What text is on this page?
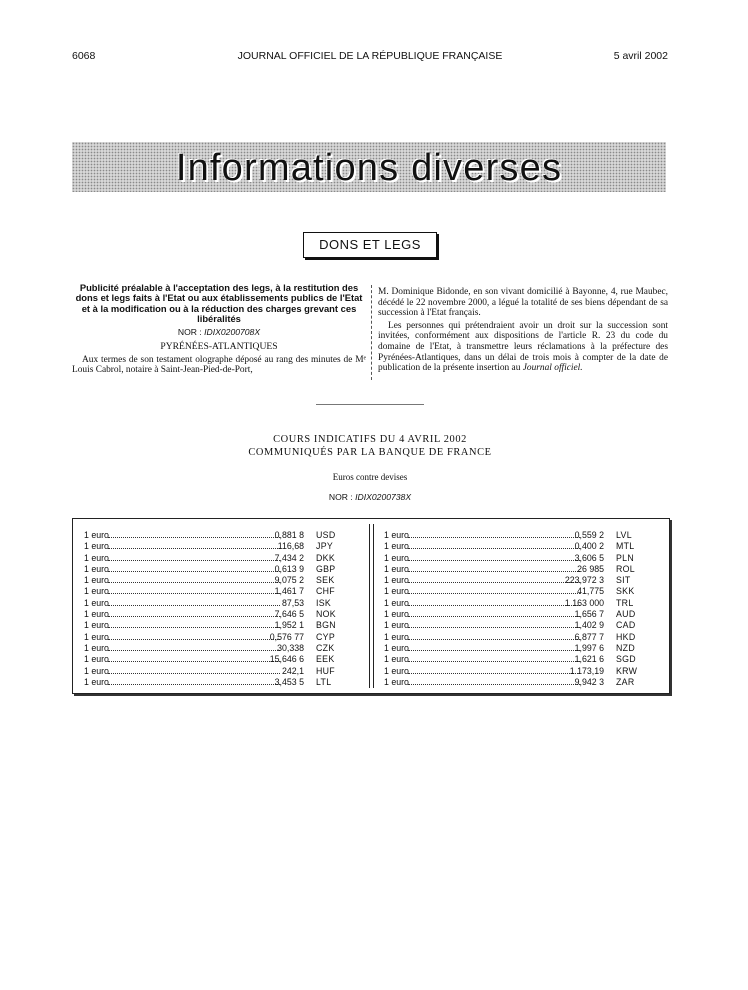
6068	JOURNAL OFFICIEL DE LA RÉPUBLIQUE FRANÇAISE	5 avril 2002
Informations diverses
DONS ET LEGS
Publicité préalable à l'acceptation des legs, à la restitution des dons et legs faits à l'Etat ou aux établissements publics de l'Etat et à la modification ou à la réduction des charges grevant ces libéralités
NOR : IDIX0200708X
PYRÉNÉES-ATLANTIQUES

Aux termes de son testament olographe déposé au rang des minutes de Mᵉ Louis Cabrol, notaire à Saint-Jean-Pied-de-Port,

M. Dominique Bidonde, en son vivant domicilié à Bayonne, 4, rue Maubec, décédé le 22 novembre 2000, a légué la totalité de ses biens dépendant de sa succession à l'Etat français.

Les personnes qui prétendraient avoir un droit sur la succession sont invitées, conformément aux dispositions de l'article R. 23 du code du domaine de l'Etat, à transmettre leurs réclamations à la préfecture des Pyrénées-Atlantiques, dans un délai de trois mois à compter de la date de publication de la présente insertion au Journal officiel.

COURS INDICATIFS DU 4 AVRIL 2002
COMMUNIQUÉS PAR LA BANQUE DE FRANCE
Euros contre devises
NOR : IDIX0200738X
1 euro	0,881 8 USD
1 euro	116,68 JPY
1 euro	7,434 2 DKK
1 euro	0,613 9 GBP
1 euro	9,075 2 SEK
1 euro	1,461 7 CHF
1 euro	87,53 ISK
1 euro	7,646 5 NOK
1 euro	1,952 1 BGN
1 euro	0,576 77 CYP
1 euro	30,338 CZK
1 euro	15,646 6 EEK
1 euro	242,1 HUF
1 euro	3,453 5 LTL
1 euro	0,559 2 LVL
1 euro	0,400 2 MTL
1 euro	3,606 5 PLN
1 euro	26 985 ROL
1 euro	223,972 3 SIT
1 euro	41,775 SKK
1 euro	1 163 000 TRL
1 euro	1,656 7 AUD
1 euro	1,402 9 CAD
1 euro	6,877 7 HKD
1 euro	1,997 6 NZD
1 euro	1,621 6 SGD
1 euro	1 173,19 KRW
1 euro	9,942 3 ZAR
